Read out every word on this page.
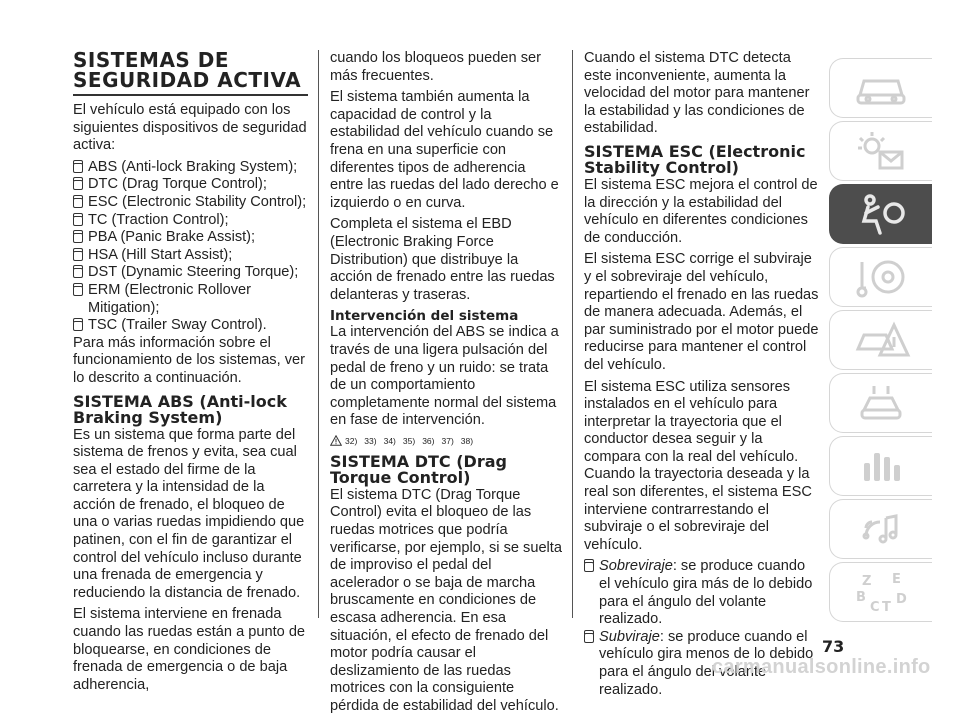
SISTEMAS DE SEGURIDAD ACTIVA

El vehículo está equipado con los siguientes dispositivos de seguridad activa:

ABS (Anti-lock Braking System);
DTC (Drag Torque Control);
ESC (Electronic Stability Control);
TC (Traction Control);
PBA (Panic Brake Assist);
HSA (Hill Start Assist);
DST (Dynamic Steering Torque);
ERM (Electronic Rollover Mitigation);
TSC (Trailer Sway Control).

Para más información sobre el funcionamiento de los sistemas, ver lo descrito a continuación.

SISTEMA ABS (Anti-lock Braking System)

Es un sistema que forma parte del sistema de frenos y evita, sea cual sea el estado del firme de la carretera y la intensidad de la acción de frenado, el bloqueo de una o varias ruedas impidiendo que patinen, con el fin de garantizar el control del vehículo incluso durante una frenada de emergencia y reduciendo la distancia de frenado.

El sistema interviene en frenada cuando las ruedas están a punto de bloquearse, en condiciones de frenada de emergencia o de baja adherencia,

cuando los bloqueos pueden ser más frecuentes.

El sistema también aumenta la capacidad de control y la estabilidad del vehículo cuando se frena en una superficie con diferentes tipos de adherencia entre las ruedas del lado derecho e izquierdo o en curva.

Completa el sistema el EBD (Electronic Braking Force Distribution) que distribuye la acción de frenado entre las ruedas delanteras y traseras.

Intervención del sistema

La intervención del ABS se indica a través de una ligera pulsación del pedal de freno y un ruido: se trata de un comportamiento completamente normal del sistema en fase de intervención.

32) 33) 34) 35) 36) 37) 38)
SISTEMA DTC (Drag Torque Control)

El sistema DTC (Drag Torque Control) evita el bloqueo de las ruedas motrices que podría verificarse, por ejemplo, si se suelta de improviso el pedal del acelerador o se baja de marcha bruscamente en condiciones de escasa adherencia. En esa situación, el efecto de frenado del motor podría causar el deslizamiento de las ruedas motrices con la consiguiente pérdida de estabilidad del vehículo.

Cuando el sistema DTC detecta este inconveniente, aumenta la velocidad del motor para mantener la estabilidad y las condiciones de estabilidad.

SISTEMA ESC (Electronic Stability Control)

El sistema ESC mejora el control de la dirección y la estabilidad del vehículo en diferentes condiciones de conducción.

El sistema ESC corrige el subviraje y el sobreviraje del vehículo, repartiendo el frenado en las ruedas de manera adecuada. Además, el par suministrado por el motor puede reducirse para mantener el control del vehículo.

El sistema ESC utiliza sensores instalados en el vehículo para interpretar la trayectoria que el conductor desea seguir y la compara con la real del vehículo. Cuando la trayectoria deseada y la real son diferentes, el sistema ESC interviene contrarrestando el subviraje o el sobreviraje del vehículo.

Sobreviraje: se produce cuando el vehículo gira más de lo debido para el ángulo del volante realizado.
Subviraje: se produce cuando el vehículo gira menos de lo debido para el ángulo del volante realizado.
Z E
B
C T
D
73
carmanualsonline.info
